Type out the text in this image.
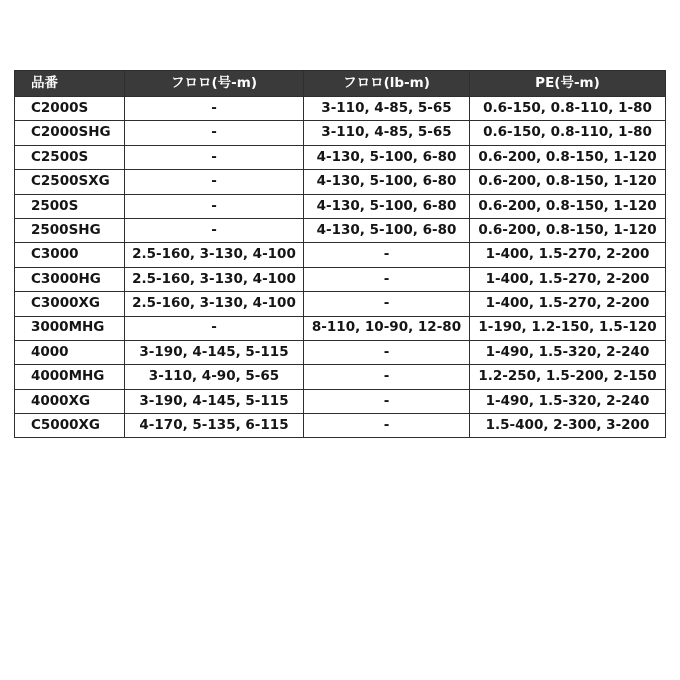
品番	フロロ(号-m)	フロロ(lb-m)	PE(号-m)
C2000S	-	3-110, 4-85, 5-65	0.6-150, 0.8-110, 1-80
C2000SHG	-	3-110, 4-85, 5-65	0.6-150, 0.8-110, 1-80
C2500S	-	4-130, 5-100, 6-80	0.6-200, 0.8-150, 1-120
C2500SXG	-	4-130, 5-100, 6-80	0.6-200, 0.8-150, 1-120
2500S	-	4-130, 5-100, 6-80	0.6-200, 0.8-150, 1-120
2500SHG	-	4-130, 5-100, 6-80	0.6-200, 0.8-150, 1-120
C3000	2.5-160, 3-130, 4-100	-	1-400, 1.5-270, 2-200
C3000HG	2.5-160, 3-130, 4-100	-	1-400, 1.5-270, 2-200
C3000XG	2.5-160, 3-130, 4-100	-	1-400, 1.5-270, 2-200
3000MHG	-	8-110, 10-90, 12-80	1-190, 1.2-150, 1.5-120
4000	3-190, 4-145, 5-115	-	1-490, 1.5-320, 2-240
4000MHG	3-110, 4-90, 5-65	-	1.2-250, 1.5-200, 2-150
4000XG	3-190, 4-145, 5-115	-	1-490, 1.5-320, 2-240
C5000XG	4-170, 5-135, 6-115	-	1.5-400, 2-300, 3-200
